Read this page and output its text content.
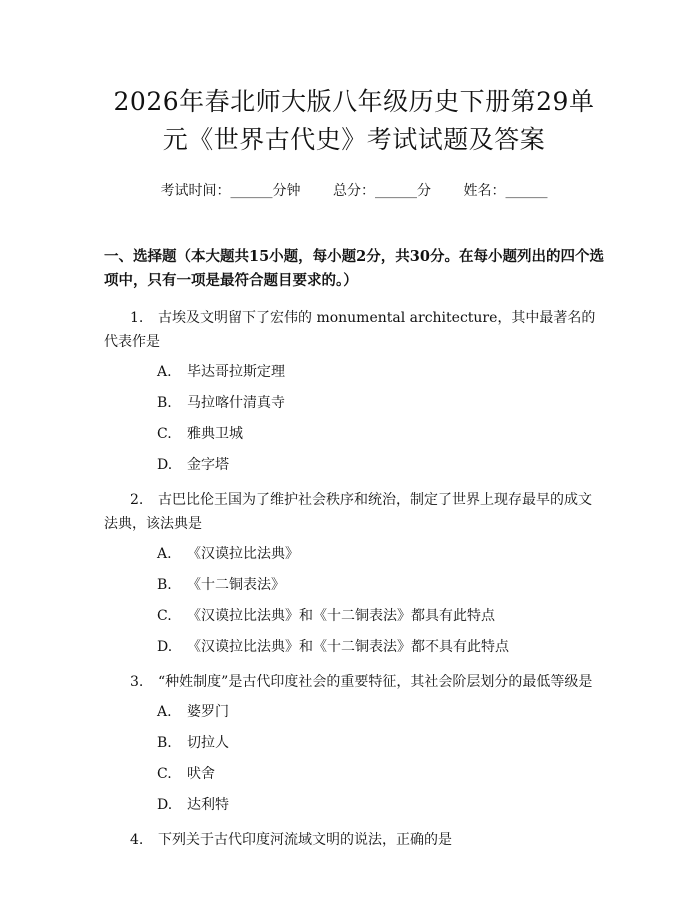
2026年春北师大版八年级历史下册第29单
元《世界古代史》考试试题及答案
考试时间：______分钟 总分：______分 姓名：______
一、选择题（本大题共15小题，每小题2分，共30分。在每小题列出的四个选项中，只有一项是最符合题目要求的。）
1. 古埃及文明留下了宏伟的 monumental architecture，其中最著名的代表作是
A. 毕达哥拉斯定理
B. 马拉喀什清真寺
C. 雅典卫城
D. 金字塔
2. 古巴比伦王国为了维护社会秩序和统治，制定了世界上现存最早的成文法典，该法典是
A. 《汉谟拉比法典》
B. 《十二铜表法》
C. 《汉谟拉比法典》和《十二铜表法》都具有此特点
D. 《汉谟拉比法典》和《十二铜表法》都不具有此特点
3. “种姓制度”是古代印度社会的重要特征，其社会阶层划分的最低等级是
A. 婆罗门
B. 切拉人
C. 吠舍
D. 达利特
4. 下列关于古代印度河流域文明的说法，正确的是
